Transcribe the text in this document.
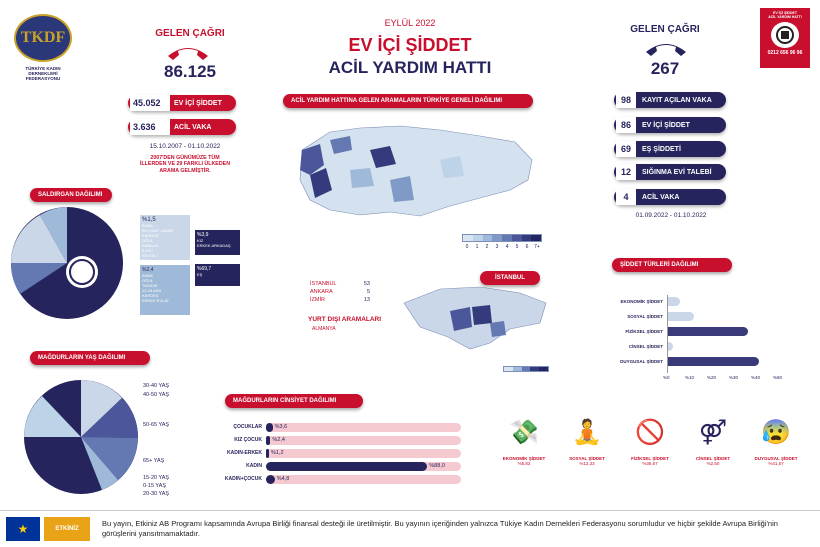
TKDF
TÜRKİYE KADIN DERNEKLERİ FEDERASYONU
GELEN ÇAĞRI
86.125
45.052	EV İÇİ ŞİDDET
3.636	ACİL VAKA
15.10.2007 - 01.10.2022
2007'DEN GÜNÜMÜZE TÜM İLLERDEN VE 29 FARKLI ÜLKEDEN ARAMA GELMİŞTİR.
EYLÜL 2022
EV İÇİ ŞİDDET
ACİL YARDIM HATTI
GELEN ÇAĞRI
267
98	KAYIT AÇILAN VAKA
86	EV İÇİ ŞİDDET
69	EŞ ŞİDDETİ
12	SIĞINMA EVİ TALEBİ
4	ACİL VAKA
01.09.2022 - 01.10.2022
EV İÇİ ŞİDDET
ACİL YARDIM HATTI
0212 656 96 96
ACİL YARDIM HATTINA GELEN ARAMALARIN TÜRKİYE GENELİ DAĞILIMI
0	1	2	3	4	5	6	7+
İSTANBUL
İSTANBUL	53
ANKARA	5
İZMİR	13
YURT DIŞI ARAMALARI
ALMANYA
SALDIRGAN DAĞILIMI
%1,5
BABA
BOYUNE / ANNE
KARDEŞ
OĞUL
BABALIK
İLGİLİ
SEVGİLİ
EŞ
%3,9
KIZ
ERKEK ARKADAŞ
%69,7
EŞ
%2,4
ANNE
OĞUL
TANIDIK
12-18 ARA
KARDEŞ
ERKEK EVLAT
MAĞDURLARIN YAŞ DAĞILIMI
30-40 YAŞ
40-50 YAŞ
50-65 YAŞ
65+ YAŞ
15-20 YAŞ
0-15 YAŞ
20-30 YAŞ
MAĞDURLARIN CİNSİYET DAĞILIMI
ÇOCUKLAR %3,6
KIZ ÇOCUK %2,4
KADIN-ERKEK %1,2
KADIN	%88,0
KADIN+ÇOCUK	%4,8
ŞİDDET TÜRLERİ DAĞILIMI
EKONOMİK ŞİDDET
SOSYAL ŞİDDET
FİZİKSEL ŞİDDET
CİNSEL ŞİDDET
DUYGUSAL ŞİDDET
%0	%10	%20	%30	%40	%50
💸
EKONOMİK ŞİDDET
%5,83
🧘
SOSYAL ŞİDDET
%12,33
🚫
FİZİKSEL ŞİDDET
%36,67
⚤
CİNSEL ŞİDDET
%2,50
😰
DUYGUSAL ŞİDDET
%41,67
★	ETKİNİZ
Bu yayın, Etkiniz AB Programı kapsamında Avrupa Birliği finansal desteği ile üretilmiştir. Bu yayının içeriğinden yalnızca Tükiye Kadın Dernekleri Federasyonu sorumludur ve hiçbir şekilde Avrupa Birliği'nin görüşlerini yansıtmamaktadır.
